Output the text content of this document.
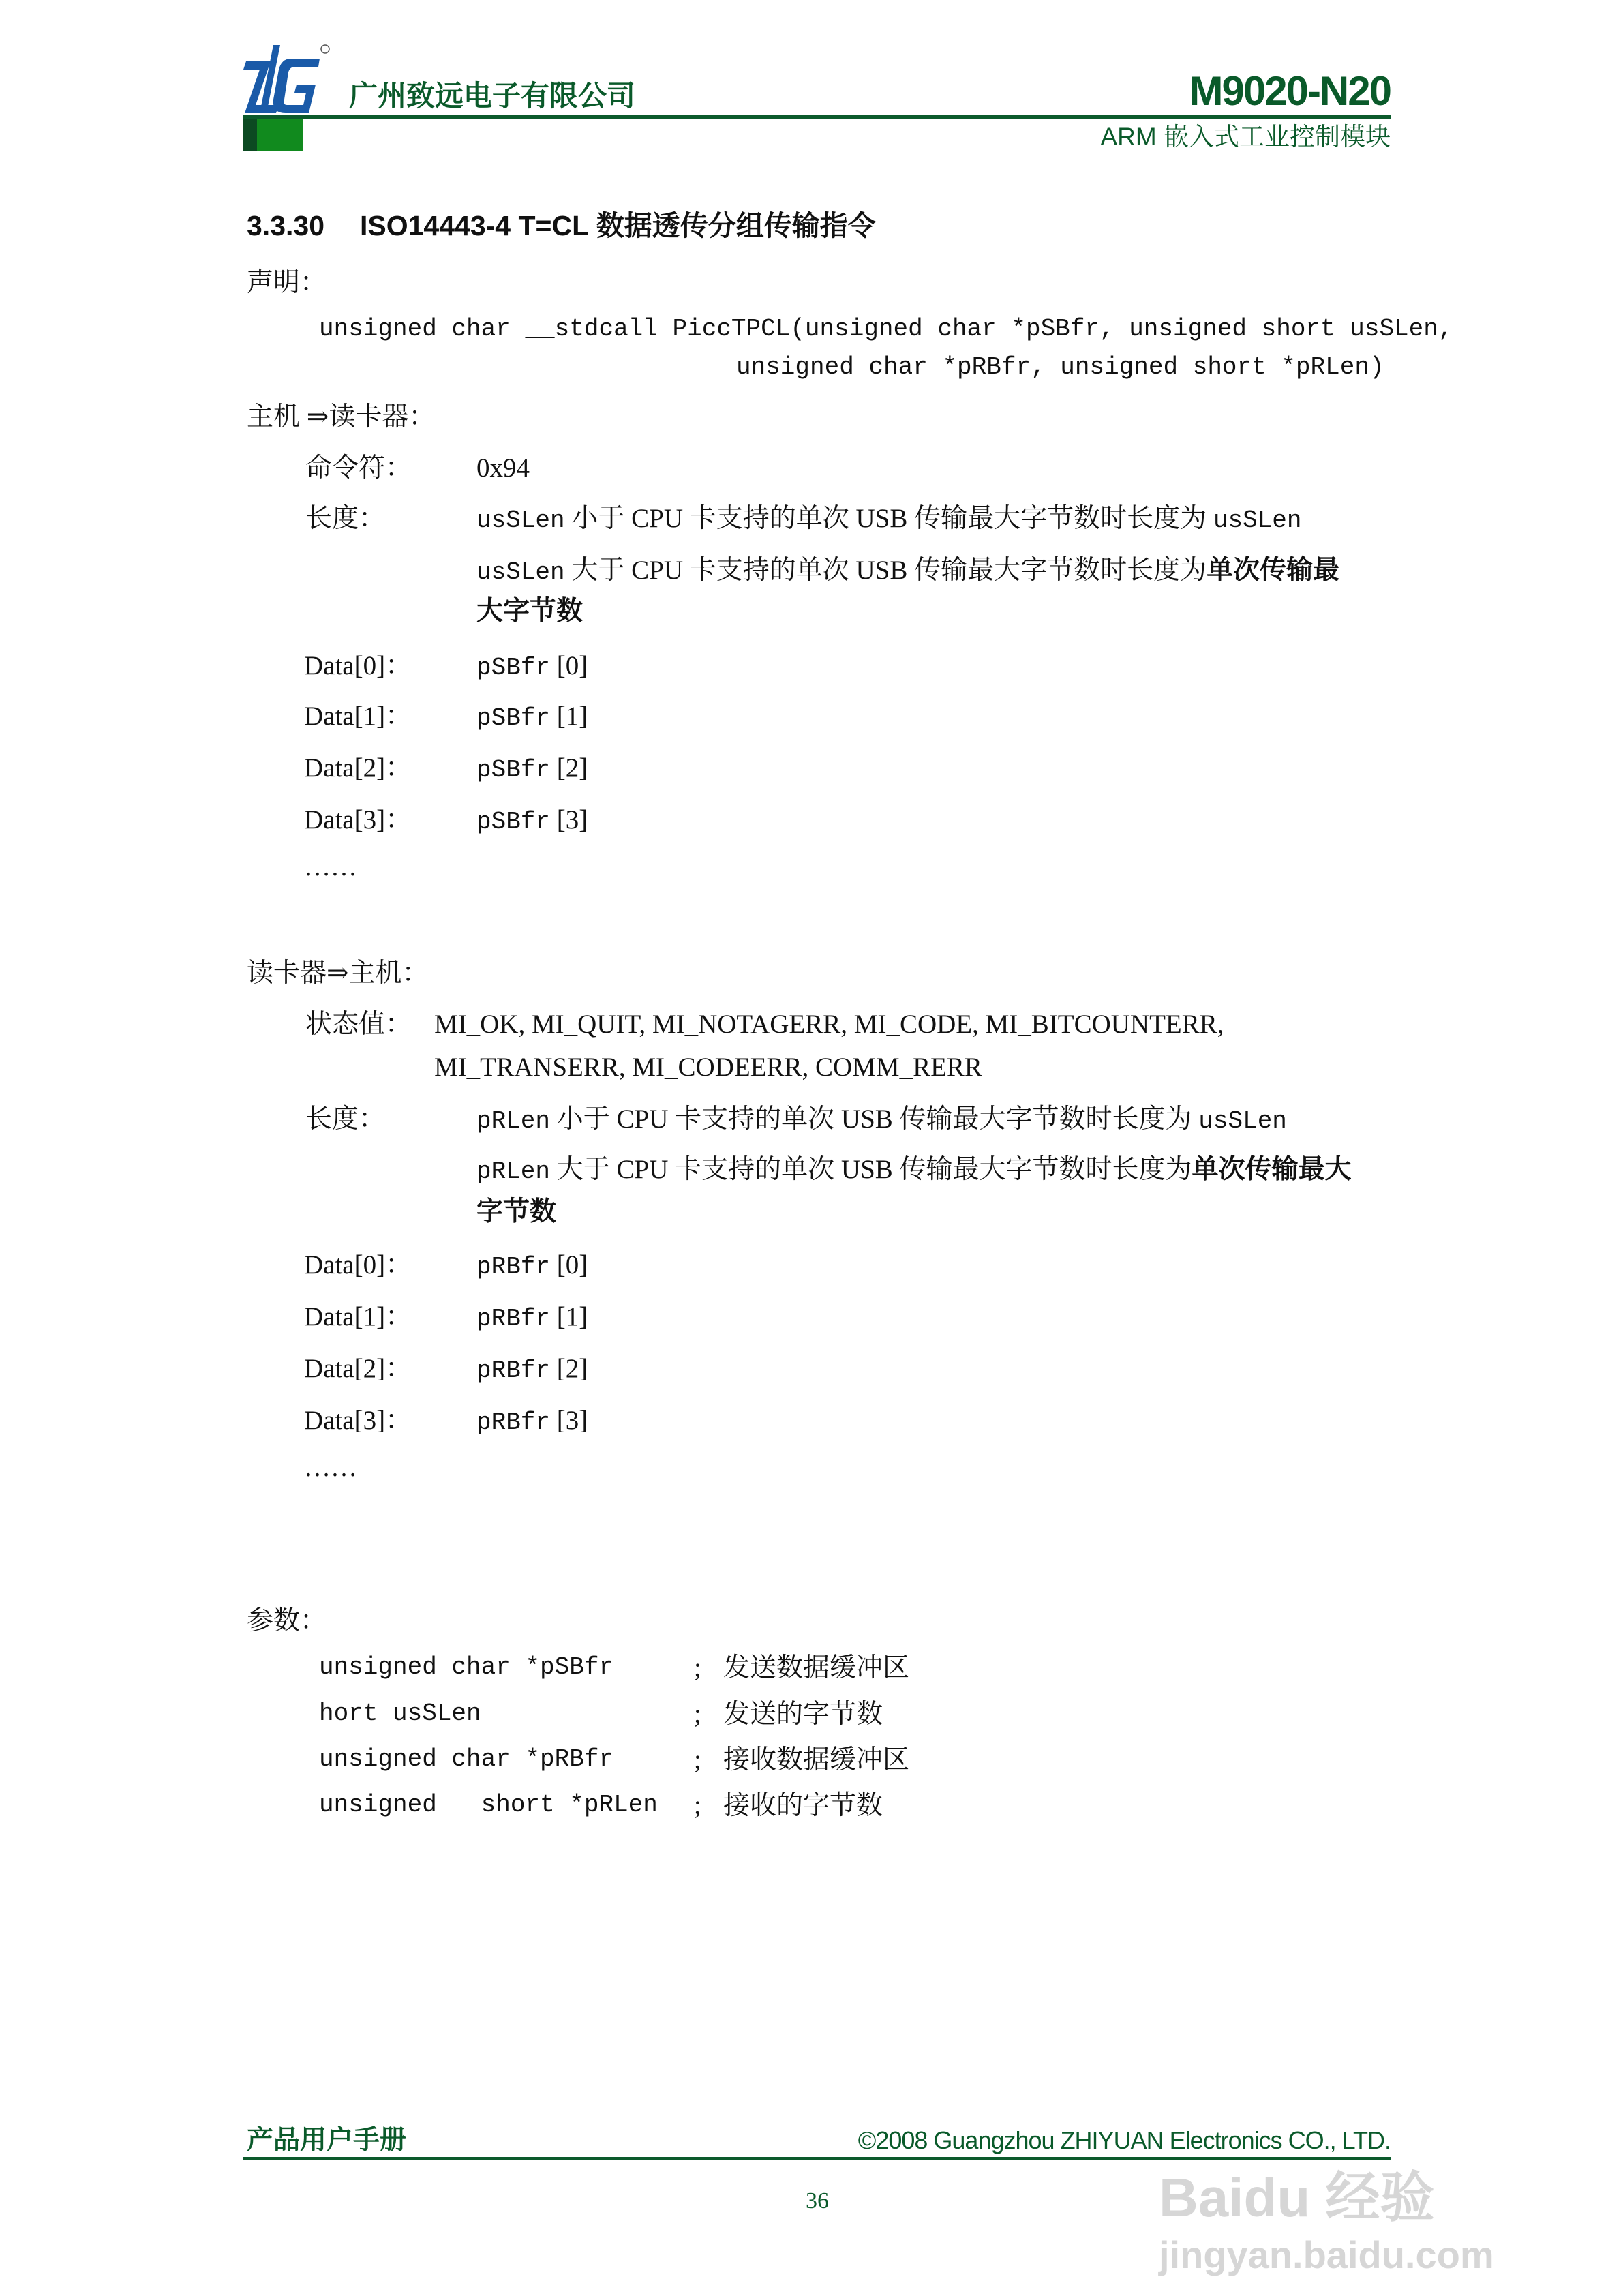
广州致远电子有限公司	M9020-N20
ARM 嵌入式工业控制模块
3.3.30 ISO14443-4 T=CL 数据透传分组传输指令
声明：
unsigned char __stdcall PiccTPCL(unsigned char *pSBfr, unsigned short usSLen,
unsigned char *pRBfr, unsigned short *pRLen)
主机 ⇒读卡器：
命令符： 0x94
长度：	usSLen 小于 CPU 卡支持的单次 USB 传输最大字节数时长度为 usSLen
usSLen 大于 CPU 卡支持的单次 USB 传输最大字节数时长度为单次传输最
大字节数
Data[0]：	pSBfr [0]
Data[1]：	pSBfr [1]
Data[2]：	pSBfr [2]
Data[3]：	pSBfr [3]
……
读卡器⇒主机：
状态值： MI_OK, MI_QUIT, MI_NOTAGERR, MI_CODE, MI_BITCOUNTERR,
MI_TRANSERR, MI_CODEERR, COMM_RERR
长度：	pRLen 小于 CPU 卡支持的单次 USB 传输最大字节数时长度为 usSLen
pRLen 大于 CPU 卡支持的单次 USB 传输最大字节数时长度为单次传输最大
字节数
Data[0]：	pRBfr [0]
Data[1]：	pRBfr [1]
Data[2]：	pRBfr [2]
Data[3]：	pRBfr [3]
……
参数：
unsigned char *pSBfr	; 发送数据缓冲区
hort usSLen	; 发送的字节数
unsigned char *pRBfr	; 接收数据缓冲区
unsigned   short *pRLen ; 接收的字节数
产品用户手册	©2008 Guangzhou ZHIYUAN Electronics CO., LTD.
36	Baidu 经验
jingyan.baidu.com
